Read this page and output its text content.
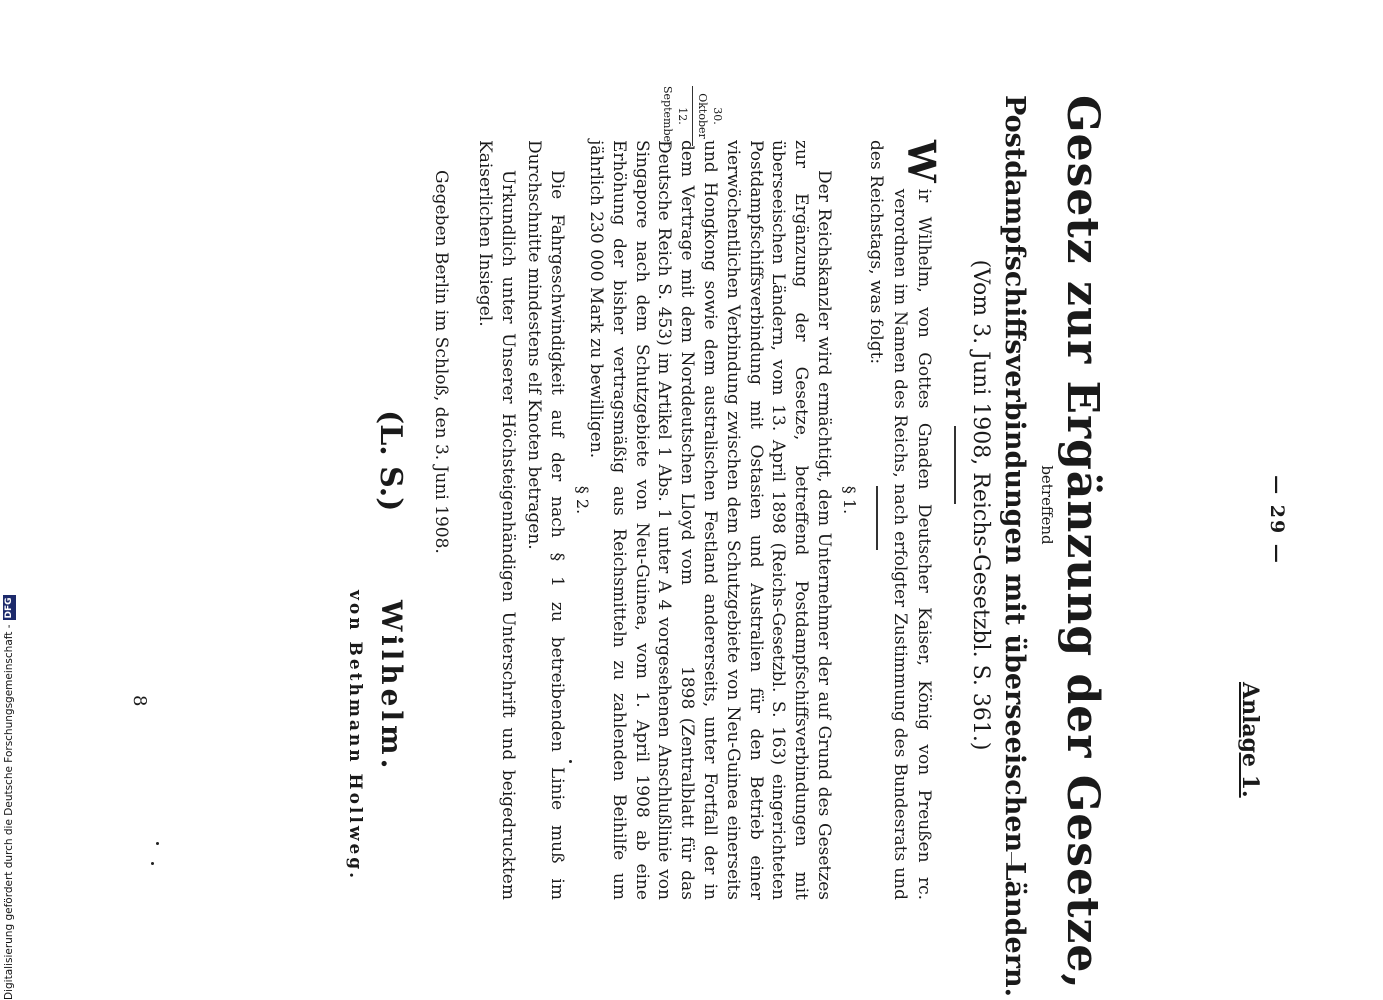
— 29 —
Anlage 1.
Gesetz zur Ergänzung der Gesetze,
betreffend
Postdampfschiffsverbindungen mit überseeischen Ländern.
(Vom 3. Juni 1908, Reichs-Gesetzbl. S. 361.)
W
ir Wilhelm, von Gottes Gnaden Deutscher Kaiser, König von Preußen rc. verordnen im Namen des Reichs, nach erfolgter Zustimmung des Bundesrats und des Reichstags, was folgt:
§ 1.
Der Reichskanzler wird ermächtigt, dem Unternehmer der auf Grund des Gesetzes zur Ergänzung der Gesetze, betreffend Postdampfschiffsverbindungen mit überseeischen Ländern, vom 13. April 1898 (Reichs-Gesetzbl. S. 163) eingerichteten Postdampfschiffsverbindung mit Ostasien und Australien für den Betrieb einer vierwöchentlichen Verbindung zwischen dem Schutzgebiete von Neu-Guinea einerseits und Hongkong sowie dem australischen Festland andererseits, unter Fortfall der in dem Vertrage mit dem Norddeutschen Lloyd vom  1898 (Zentralblatt für das Deutsche Reich S. 453) im Artikel 1 Abs. 1 unter A 4 vorgesehenen Anschlußlinie von Singapore nach dem Schutzgebiete von Neu-Guinea, vom 1. April 1908 ab eine Erhöhung der bisher vertragsmäßig aus Reichsmitteln zu zahlenden Beihilfe um jährlich 230 000 Mark zu bewilligen.
30. Oktober
12. September
§ 2.
Die Fahrgeschwindigkeit auf der nach § 1 zu betreibenden Linie muß im Durchschnitte mindestens elf Knoten betragen.
Urkundlich unter Unserer Höchsteigenhändigen Unterschrift und beigedrucktem Kaiserlichen Insiegel.
Gegeben Berlin im Schloß, den 3. Juni 1908.
(L. S.)
Wilhelm.
von Bethmann Hollweg.
8
Digitalisierung gefördert durch die Deutsche Forschungsgemeinschaft -DFG
